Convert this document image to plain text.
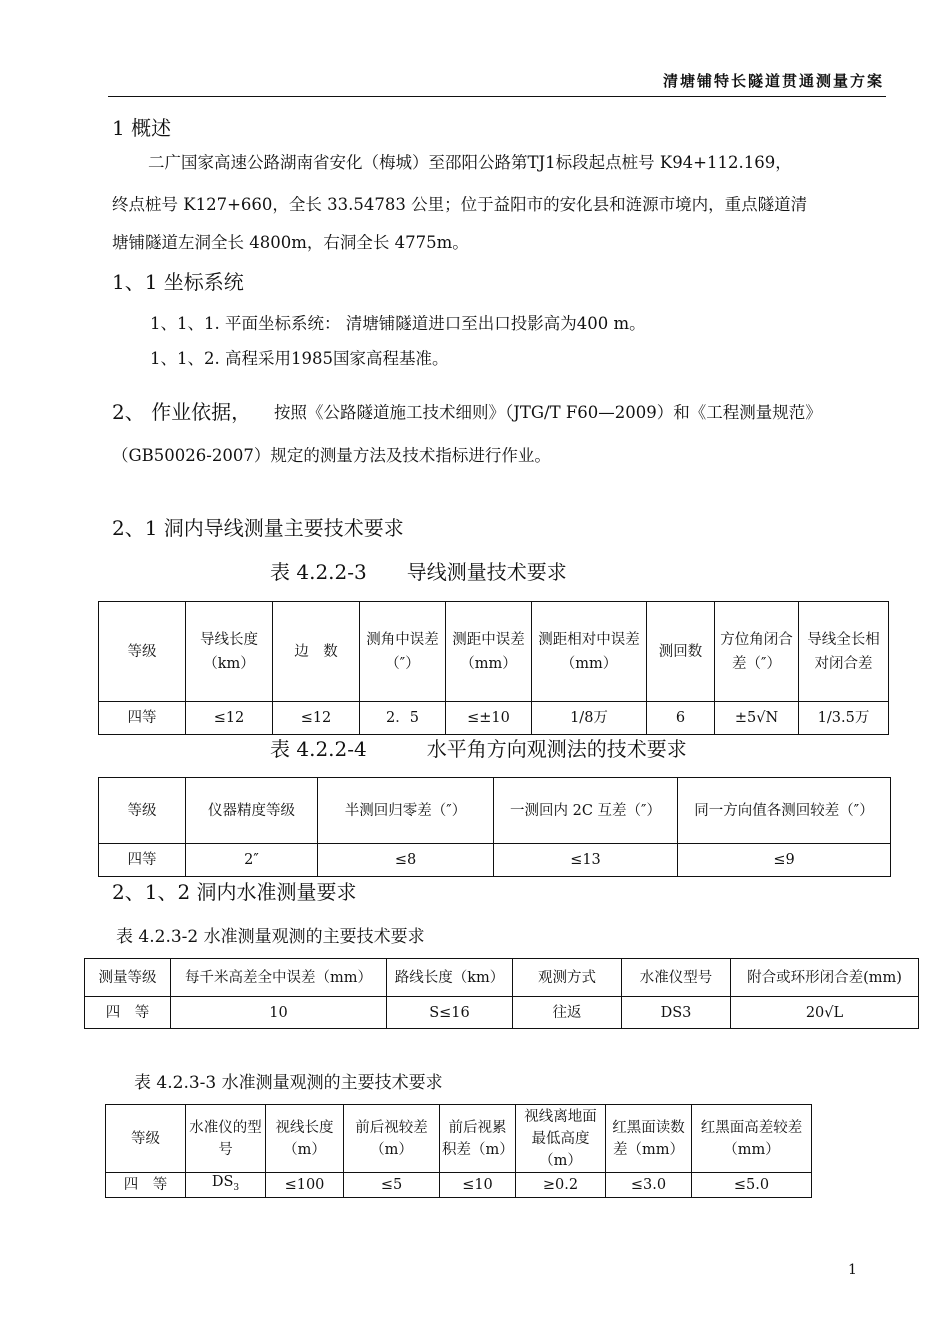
清塘铺特长隧道贯通测量方案
1 概述
二广国家高速公路湖南省安化（梅城）至邵阳公路第TJ1标段起点桩号 K94+112.169，
终点桩号 K127+660，全长 33.54783 公里；位于益阳市的安化县和涟源市境内，重点隧道清
塘铺隧道左洞全长 4800m，右洞全长 4775m。
1、1 坐标系统
1、1、1. 平面坐标系统： 清塘铺隧道进口至出口投影高为400 m。
1、1、2. 高程采用1985国家高程基准。
2、 作业依据， 按照《公路隧道施工技术细则》（JTG/T F60—2009）和《工程测量规范》
（GB50026-2007）规定的测量方法及技术指标进行作业。
2、1 洞内导线测量主要技术要求
表 4.2.2-3　　导线测量技术要求
等级	导线长度（km）	边　数	测角中误差（″）	测距中误差（mm）	测距相对中误差（mm）	测回数	方位角闭合差（″）	导线全长相对闭合差
四等	≤12	≤12	2．5	≤±10	1/8万	6	±5√N	1/3.5万
表 4.2.2-4　　　水平角方向观测法的技术要求
等级	仪器精度等级	半测回归零差（″）	一测回内 2C 互差（″）	同一方向值各测回较差（″）
四等	2″	≤8	≤13	≤9
2、1、2 洞内水准测量要求
表 4.2.3-2 水准测量观测的主要技术要求
测量等级	每千米高差全中误差（mm）	路线长度（km）	观测方式	水准仪型号	附合或环形闭合差(mm)
四　等	10	S≤16	往返	DS3	20√L
表 4.2.3-3 水准测量观测的主要技术要求
等级	水准仪的型号	视线长度（m）	前后视较差（m）	前后视累积差（m）	视线离地面最低高度（m）	红黑面读数差（mm）	红黑面高差较差（mm）
四　等	$DS_3$	≤100	≤5	≤10	≥0.2	≤3.0	≤5.0
1
